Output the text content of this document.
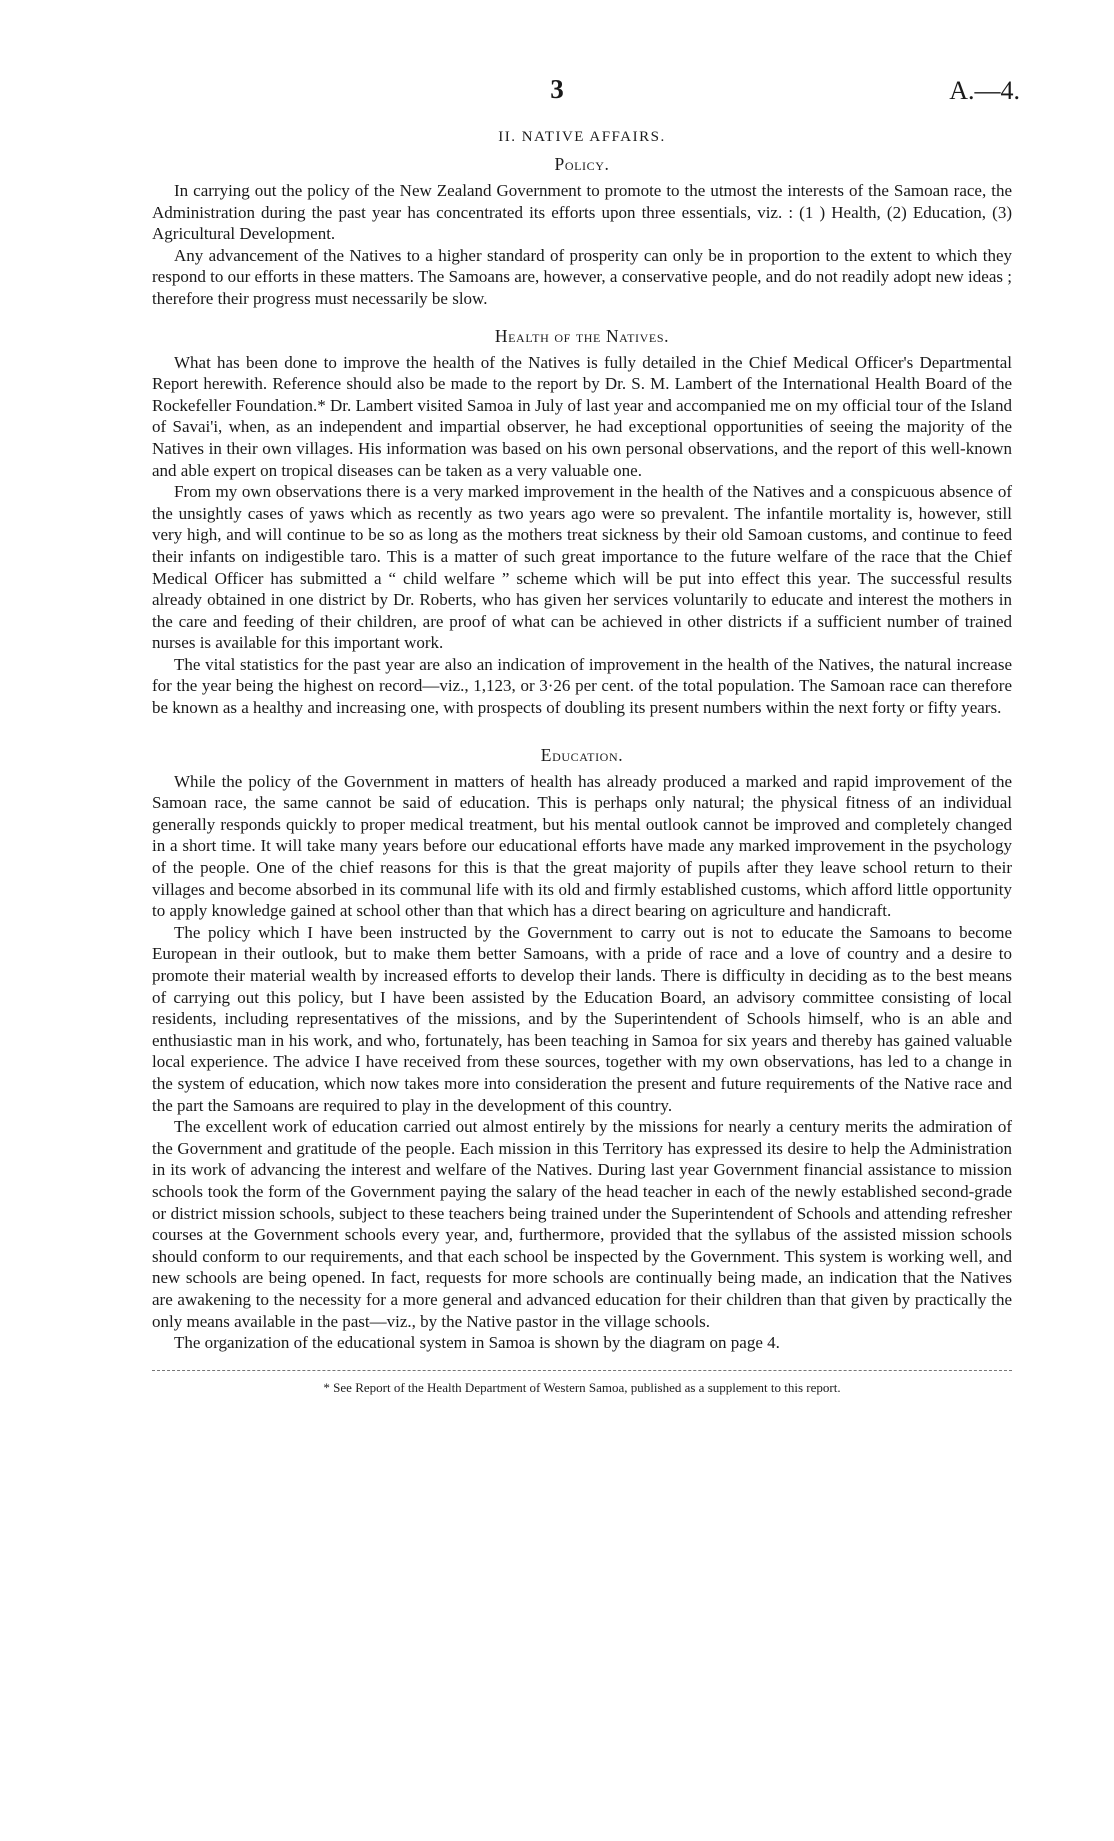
3	A.—4.
II. NATIVE AFFAIRS.
Policy.

In carrying out the policy of the New Zealand Government to promote to the utmost the interests of the Samoan race, the Administration during the past year has concentrated its efforts upon three essentials, viz. : (1 ) Health, (2) Education, (3) Agricultural Development.

Any advancement of the Natives to a higher standard of prosperity can only be in proportion to the extent to which they respond to our efforts in these matters. The Samoans are, however, a conservative people, and do not readily adopt new ideas ; therefore their progress must necessarily be slow.

Health of the Natives.

What has been done to improve the health of the Natives is fully detailed in the Chief Medical Officer's Departmental Report herewith. Reference should also be made to the report by Dr. S. M. Lambert of the International Health Board of the Rockefeller Foundation.* Dr. Lambert visited Samoa in July of last year and accompanied me on my official tour of the Island of Savai'i, when, as an independent and impartial observer, he had exceptional opportunities of seeing the majority of the Natives in their own villages. His information was based on his own personal observations, and the report of this well-known and able expert on tropical diseases can be taken as a very valuable one.

From my own observations there is a very marked improvement in the health of the Natives and a conspicuous absence of the unsightly cases of yaws which as recently as two years ago were so prevalent. The infantile mortality is, however, still very high, and will continue to be so as long as the mothers treat sickness by their old Samoan customs, and continue to feed their infants on indigestible taro. This is a matter of such great importance to the future welfare of the race that the Chief Medical Officer has submitted a “ child welfare ” scheme which will be put into effect this year. The successful results already obtained in one district by Dr. Roberts, who has given her services voluntarily to educate and interest the mothers in the care and feeding of their children, are proof of what can be achieved in other districts if a sufficient number of trained nurses is available for this important work.

The vital statistics for the past year are also an indication of improvement in the health of the Natives, the natural increase for the year being the highest on record—viz., 1,123, or 3·26 per cent. of the total population. The Samoan race can therefore be known as a healthy and increasing one, with prospects of doubling its present numbers within the next forty or fifty years.

Education.

While the policy of the Government in matters of health has already produced a marked and rapid improvement of the Samoan race, the same cannot be said of education. This is perhaps only natural; the physical fitness of an individual generally responds quickly to proper medical treatment, but his mental outlook cannot be improved and completely changed in a short time. It will take many years before our educational efforts have made any marked improvement in the psychology of the people. One of the chief reasons for this is that the great majority of pupils after they leave school return to their villages and become absorbed in its communal life with its old and firmly established customs, which afford little opportunity to apply knowledge gained at school other than that which has a direct bearing on agriculture and handicraft.

The policy which I have been instructed by the Government to carry out is not to educate the Samoans to become European in their outlook, but to make them better Samoans, with a pride of race and a love of country and a desire to promote their material wealth by increased efforts to develop their lands. There is difficulty in deciding as to the best means of carrying out this policy, but I have been assisted by the Education Board, an advisory committee consisting of local residents, including representatives of the missions, and by the Superintendent of Schools himself, who is an able and enthusiastic man in his work, and who, fortunately, has been teaching in Samoa for six years and thereby has gained valuable local experience. The advice I have received from these sources, together with my own observations, has led to a change in the system of education, which now takes more into consideration the present and future requirements of the Native race and the part the Samoans are required to play in the development of this country.

The excellent work of education carried out almost entirely by the missions for nearly a century merits the admiration of the Government and gratitude of the people. Each mission in this Territory has expressed its desire to help the Administration in its work of advancing the interest and welfare of the Natives. During last year Government financial assistance to mission schools took the form of the Government paying the salary of the head teacher in each of the newly established second-grade or district mission schools, subject to these teachers being trained under the Superintendent of Schools and attending refresher courses at the Government schools every year, and, furthermore, provided that the syllabus of the assisted mission schools should conform to our requirements, and that each school be inspected by the Government. This system is working well, and new schools are being opened. In fact, requests for more schools are continually being made, an indication that the Natives are awakening to the necessity for a more general and advanced education for their children than that given by practically the only means available in the past—viz., by the Native pastor in the village schools.

The organization of the educational system in Samoa is shown by the diagram on page 4.

* See Report of the Health Department of Western Samoa, published as a supplement to this report.
